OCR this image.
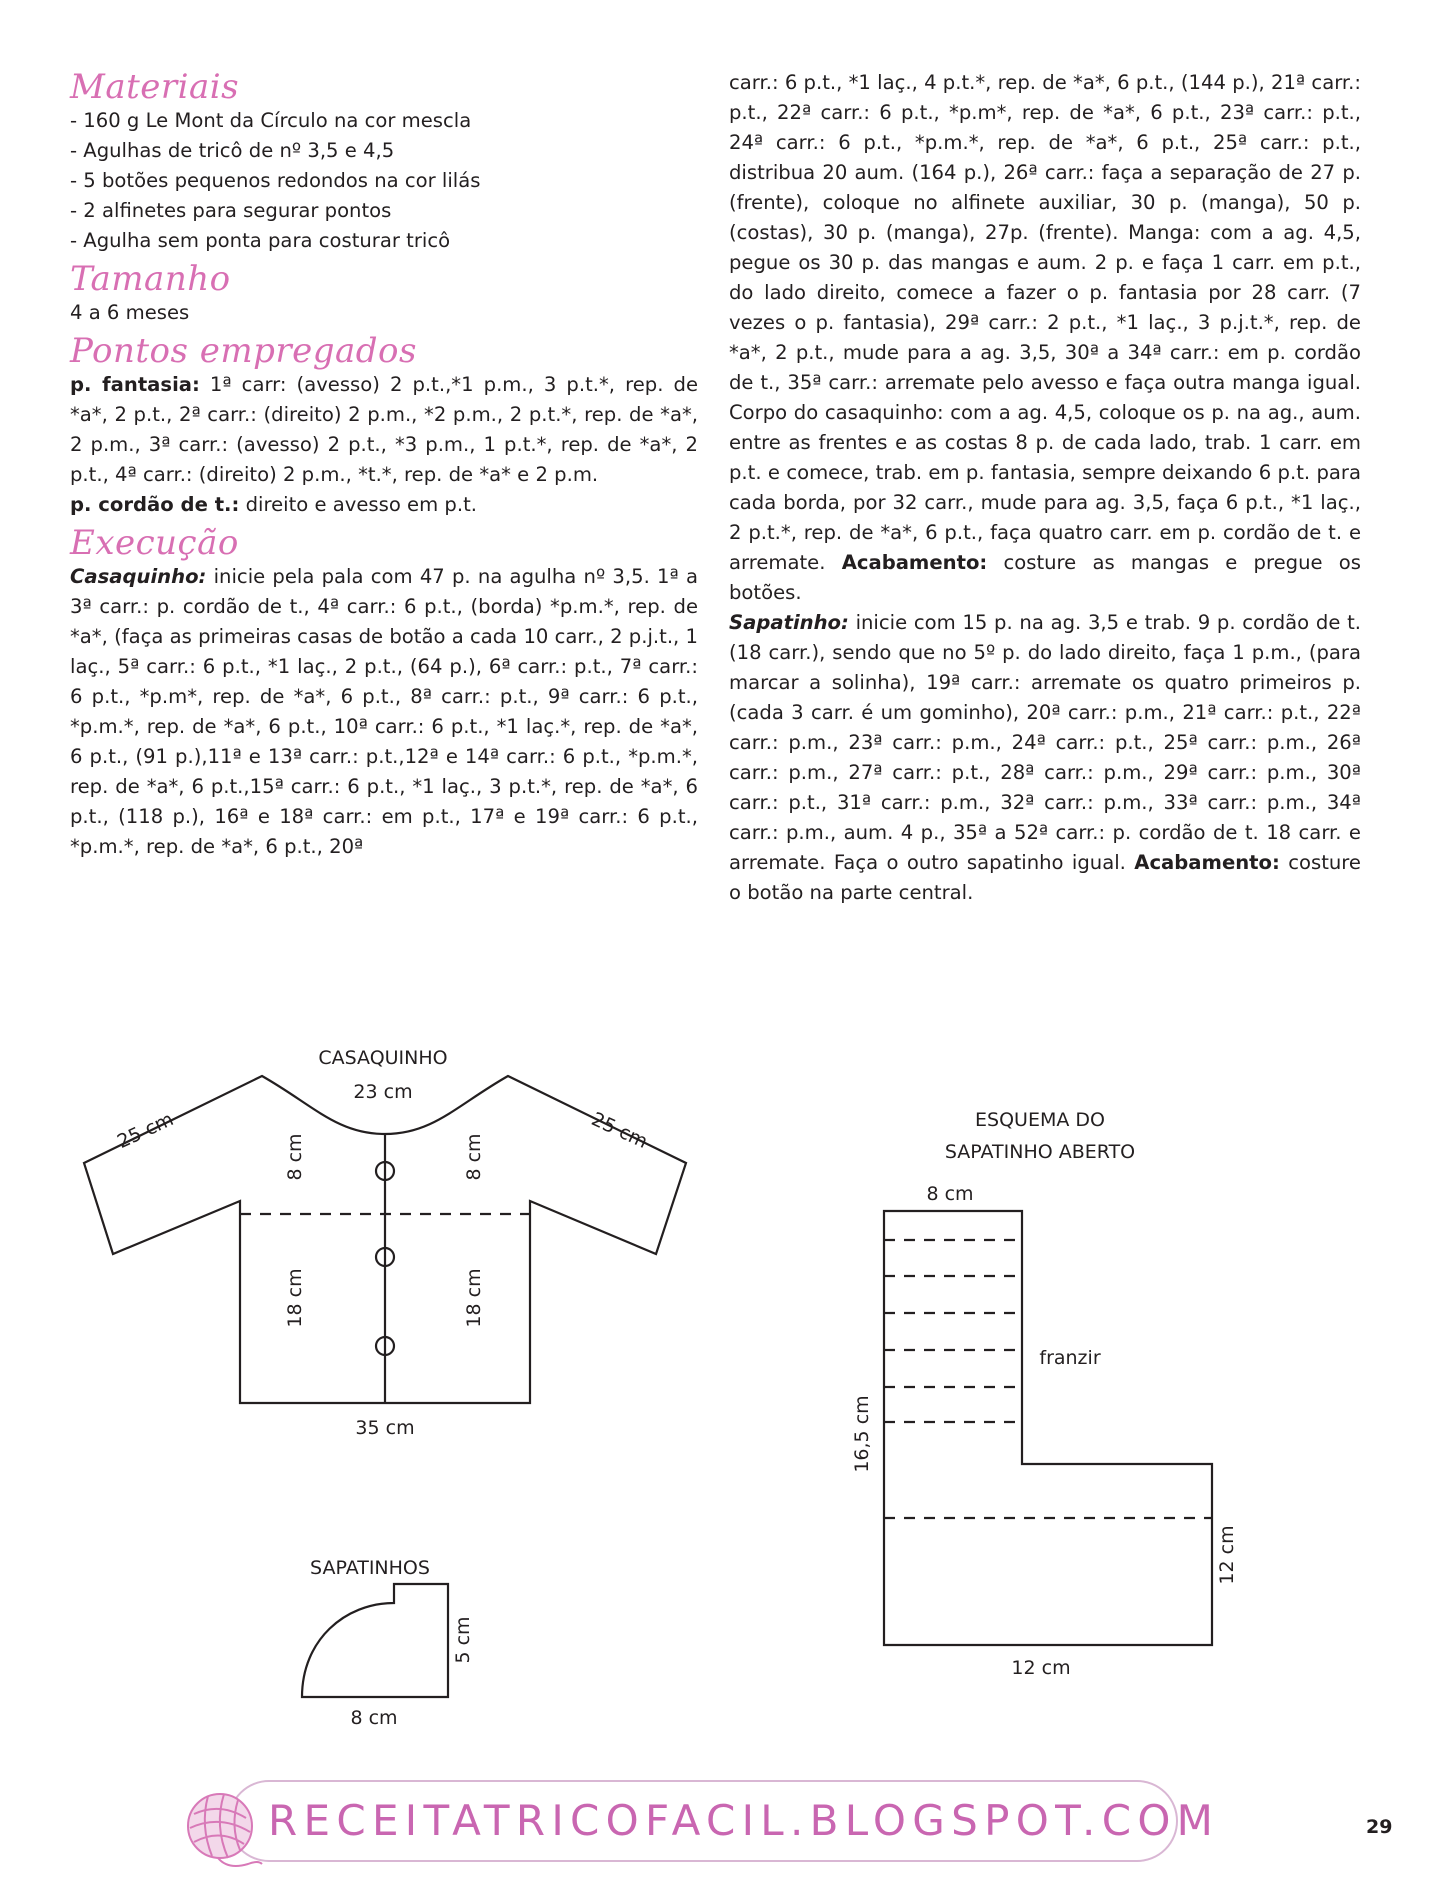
Materiais

- 160 g Le Mont da Círculo na cor mescla
- Agulhas de tricô de nº 3,5 e 4,5
- 5 botões pequenos redondos na cor lilás
- 2 alfinetes para segurar pontos
- Agulha sem ponta para costurar tricô

Tamanho

4 a 6 meses

Pontos empregados

p. fantasia: 1ª carr: (avesso) 2 p.t.,*1 p.m., 3 p.t.*, rep. de *a*, 2 p.t., 2ª carr.: (direito) 2 p.m., *2 p.m., 2 p.t.*, rep. de *a*, 2 p.m., 3ª carr.: (avesso) 2 p.t., *3 p.m., 1 p.t.*, rep. de *a*, 2 p.t., 4ª carr.: (direito) 2 p.m., *t.*, rep. de *a* e 2 p.m.

p. cordão de t.: direito e avesso em p.t.

Execução

Casaquinho: inicie pela pala com 47 p. na agulha nº 3,5. 1ª a 3ª carr.: p. cordão de t., 4ª carr.: 6 p.t., (borda) *p.m.*, rep. de *a*, (faça as primeiras casas de botão a cada 10 carr., 2 p.j.t., 1 laç., 5ª carr.: 6 p.t., *1 laç., 2 p.t., (64 p.), 6ª carr.: p.t., 7ª carr.: 6 p.t., *p.m*, rep. de *a*, 6 p.t., 8ª carr.: p.t., 9ª carr.: 6 p.t., *p.m.*, rep. de *a*, 6 p.t., 10ª carr.: 6 p.t., *1 laç.*, rep. de *a*, 6 p.t., (91 p.),11ª e 13ª carr.: p.t.,12ª e 14ª carr.: 6 p.t., *p.m.*, rep. de *a*, 6 p.t.,15ª carr.: 6 p.t., *1 laç., 3 p.t.*, rep. de *a*, 6 p.t., (118 p.), 16ª e 18ª carr.: em p.t., 17ª e 19ª carr.: 6 p.t., *p.m.*, rep. de *a*, 6 p.t., 20ª

carr.: 6 p.t., *1 laç., 4 p.t.*, rep. de *a*, 6 p.t., (144 p.), 21ª carr.: p.t., 22ª carr.: 6 p.t., *p.m*, rep. de *a*, 6 p.t., 23ª carr.: p.t., 24ª carr.: 6 p.t., *p.m.*, rep. de *a*, 6 p.t., 25ª carr.: p.t., distribua 20 aum. (164 p.), 26ª carr.: faça a separação de 27 p. (frente), coloque no alfinete auxiliar, 30 p. (manga), 50 p. (costas), 30 p. (manga), 27p. (frente). Manga: com a ag. 4,5, pegue os 30 p. das mangas e aum. 2 p. e faça 1 carr. em p.t., do lado direito, comece a fazer o p. fantasia por 28 carr. (7 vezes o p. fantasia), 29ª carr.: 2 p.t., *1 laç., 3 p.j.t.*, rep. de *a*, 2 p.t., mude para a ag. 3,5, 30ª a 34ª carr.: em p. cordão de t., 35ª carr.: arremate pelo avesso e faça outra manga igual. Corpo do casaquinho: com a ag. 4,5, coloque os p. na ag., aum. entre as frentes e as costas 8 p. de cada lado, trab. 1 carr. em p.t. e comece, trab. em p. fantasia, sempre deixando 6 p.t. para cada borda, por 32 carr., mude para ag. 3,5, faça 6 p.t., *1 laç., 2 p.t.*, rep. de *a*, 6 p.t., faça quatro carr. em p. cordão de t. e arremate. Acabamento: costure as mangas e pregue os botões.

Sapatinho: inicie com 15 p. na ag. 3,5 e trab. 9 p. cordão de t. (18 carr.), sendo que no 5º p. do lado direito, faça 1 p.m., (para marcar a solinha), 19ª carr.: arremate os quatro primeiros p. (cada 3 carr. é um gominho), 20ª carr.: p.m., 21ª carr.: p.t., 22ª carr.: p.m., 23ª carr.: p.m., 24ª carr.: p.t., 25ª carr.: p.m., 26ª carr.: p.m., 27ª carr.: p.t., 28ª carr.: p.m., 29ª carr.: p.m., 30ª carr.: p.t., 31ª carr.: p.m., 32ª carr.: p.m., 33ª carr.: p.m., 34ª carr.: p.m., aum. 4 p., 35ª a 52ª carr.: p. cordão de t. 18 carr. e arremate. Faça o outro sapatinho igual. Acabamento: costure o botão na parte central.

CASAQUINHO
23 cm
25 cm	25 cm
8 cm	8 cm
18 cm	18 cm
35 cm
SAPATINHOS
5 cm
8 cm
ESQUEMA DO
SAPATINHO ABERTO
8 cm
franzir
16,5 cm
12 cm
12 cm
RECEITATRICOFACIL.BLOGSPOT.COM	29
